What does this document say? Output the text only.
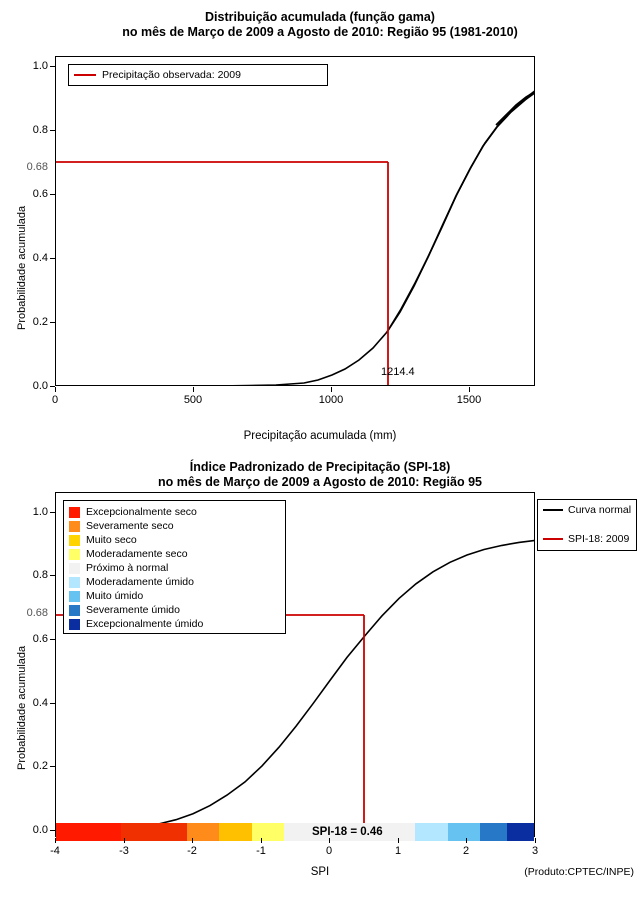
Distribuição acumulada (função gama)
no mês de Março de 2009 a Agosto de 2010: Região 95 (1981-2010)
Probabilidade acumulada
0.0
0.2
0.4
0.6
0.8
1.0
0.68
Precipitação observada: 2009
1214.4
0	500	1000	1500
Precipitação acumulada (mm)
Índice Padronizado de Precipitação (SPI-18)
no mês de Março de 2009 a Agosto de 2010: Região 95
Probabilidade acumulada
0.0
0.2
0.4
0.6
0.8
1.0
0.68
Excepcionalmente seco
Severamente seco
Muito seco
Moderadamente seco
Próximo à normal
Moderadamente úmido
Muito úmido
Severamente úmido
Excepcionalmente úmido
Curva normal
SPI-18: 2009
SPI-18 = 0.46
-4	-3	-2	-1	0	1	2	3
SPI	(Produto:CPTEC/INPE)
